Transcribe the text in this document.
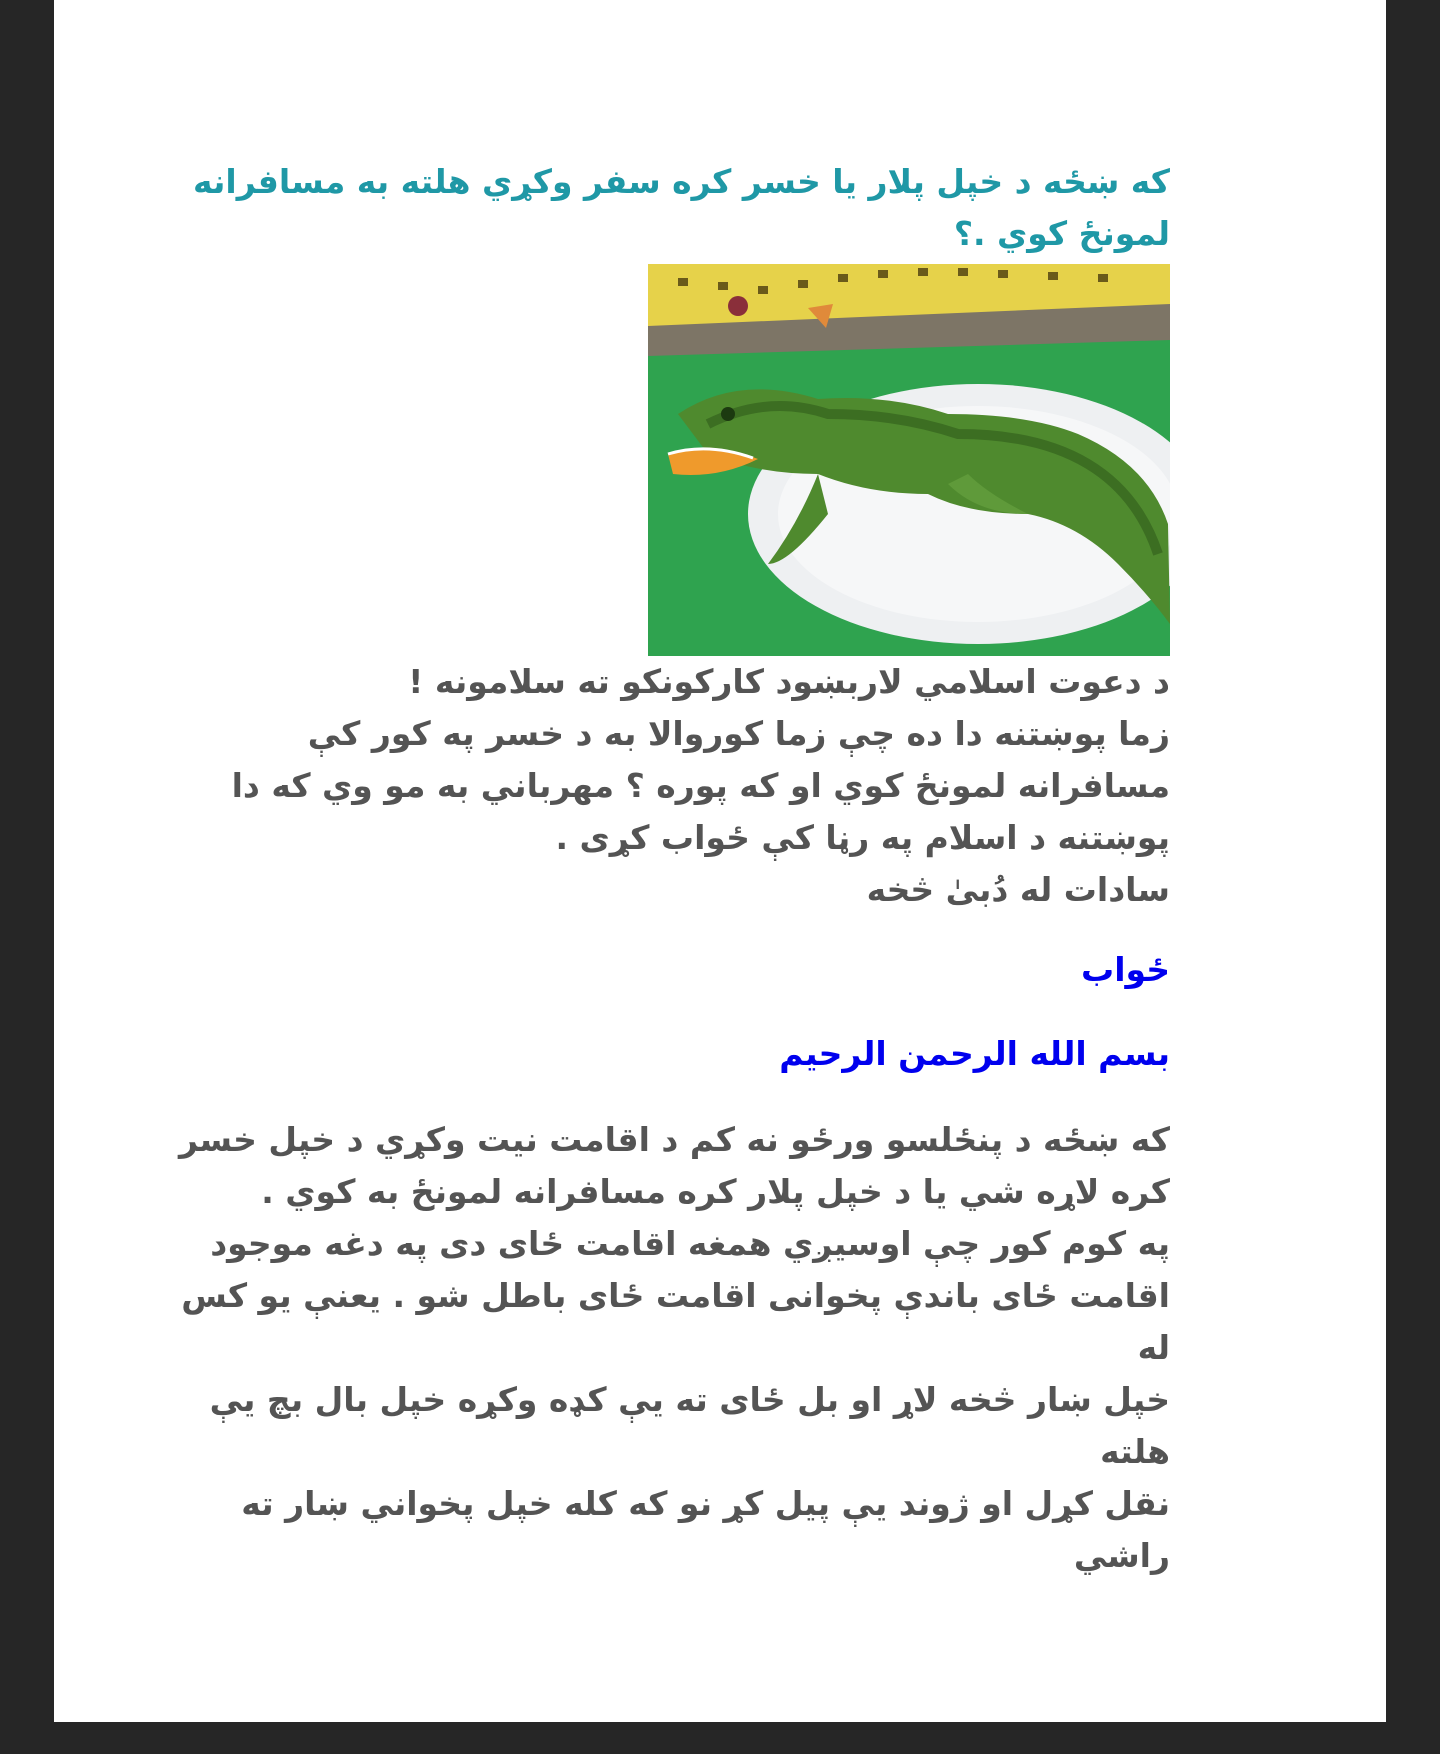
كه ښځه د خپل پلار يا خسر كره سفر وكړي هلته به مسافرانه لمونځ كوي .؟

د دعوت اسلامي لاربښود كاركونكو ته سلامونه !

زما پوښتنه دا ده چې زما كوروالا به د خسر په كور كې

مسافرانه لمونځ كوي او كه پوره ؟ مهرباني به مو وي كه دا

پوښتنه د اسلام په رڼا كې ځواب كړى .

سادات له دُبیٰ څخه

ځواب

بسم الله الرحمن الرحيم

كه ښځه د پنځلسو ورځو نه كم د اقامت نيت وكړي د خپل خسر

كره لاړه شي يا د خپل پلار كره مسافرانه لمونځ به كوي .

په كوم كور چې اوسيږي همغه اقامت ځاى دى په دغه موجود

اقامت ځاى باندې پخوانى اقامت ځاى باطل شو . يعنې يو كس له

خپل ښار څخه لاړ او بل ځاى ته يې كډه وكړه خپل بال بچ يې هلته

نقل كړل او ژوند يې پيل كړ نو كه كله خپل پخواني ښار ته راشي
